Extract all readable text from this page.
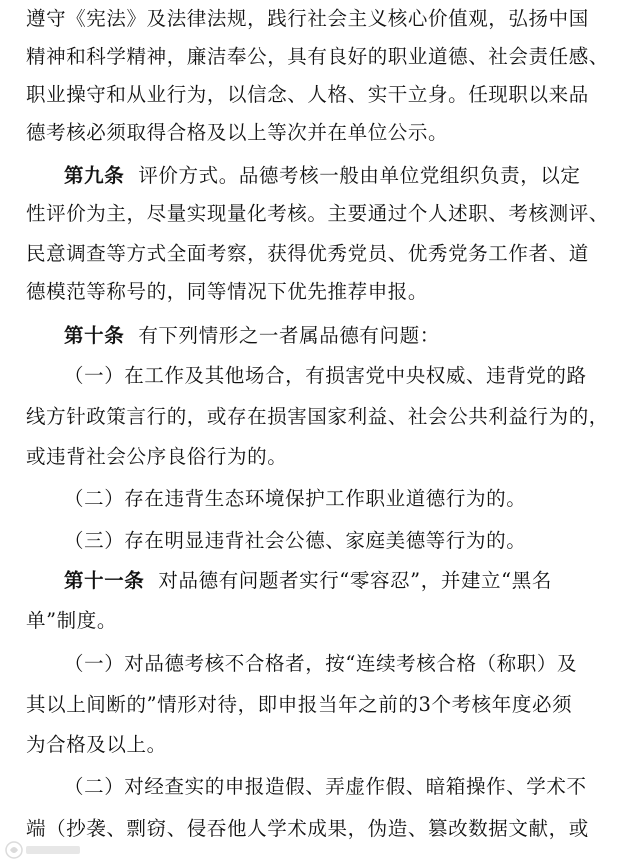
遵守《宪法》及法律法规，践行社会主义核心价值观，弘扬中国
精神和科学精神，廉洁奉公，具有良好的职业道德、社会责任感、
职业操守和从业行为，以信念、人格、实干立身。任现职以来品
德考核必须取得合格及以上等次并在单位公示。
第九条 评价方式。品德考核一般由单位党组织负责，以定
性评价为主，尽量实现量化考核。主要通过个人述职、考核测评、
民意调查等方式全面考察，获得优秀党员、优秀党务工作者、道
德模范等称号的，同等情况下优先推荐申报。
第十条 有下列情形之一者属品德有问题：
（一）在工作及其他场合，有损害党中央权威、违背党的路
线方针政策言行的，或存在损害国家利益、社会公共利益行为的，
或违背社会公序良俗行为的。
（二）存在违背生态环境保护工作职业道德行为的。
（三）存在明显违背社会公德、家庭美德等行为的。
第十一条 对品德有问题者实行“零容忍”，并建立“黑名
单”制度。
（一）对品德考核不合格者，按“连续考核合格（称职）及
其以上间断的”情形对待，即申报当年之前的3个考核年度必须
为合格及以上。
（二）对经查实的申报造假、弄虚作假、暗箱操作、学术不
端（抄袭、剽窃、侵吞他人学术成果，伪造、篡改数据文献，或
